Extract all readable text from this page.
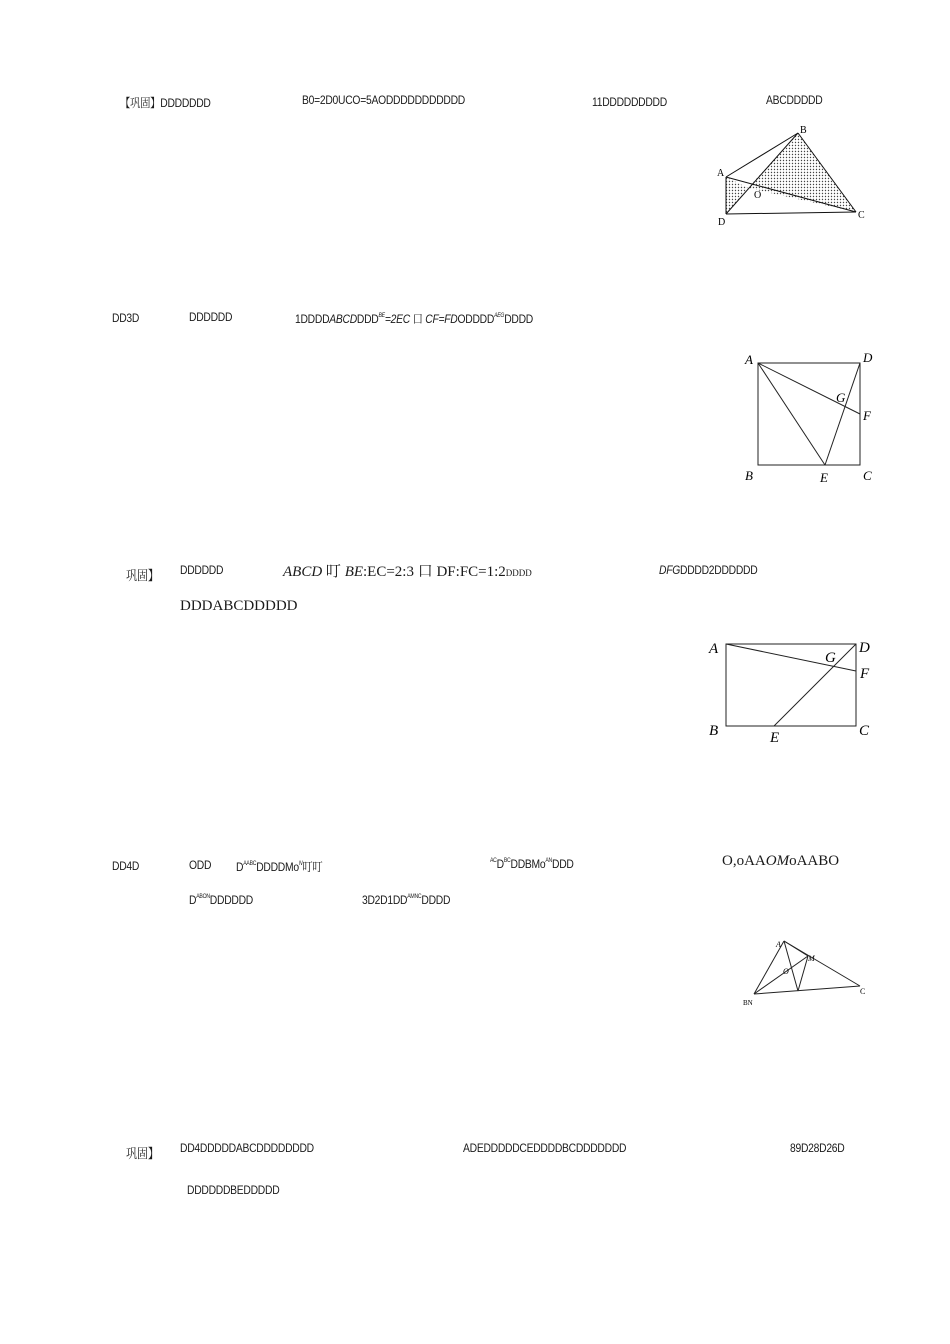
【巩固】DDDDDDD	B0=2D0UCO=5AODDDDDDDDDDD	11DDDDDDDDD	ABCDDDDD
A
B
O
D
C
DD3D	DDDDDD	$1DDDDABCDDDD^{BE}=2EC$ 口 $CF=FDODDDD^{AEG}DDDD$
A	D
G
F
B	E	C
巩固】 DDDDDD	ABCD 叮 BE:EC=2:3 口 DF:FC=1:2DDDD	DFGDDDD2DDDDDD
DDDABCDDDDD
A	D
G
F
B	E	C
DD4D	ODD $D^{AABC}DDDDMo^N$叮叮	$^{AC}D^{BC}DDBMo^{AN}DDD$	O,oAAOMoAABO
$D^{ABON}DDDDDD$	$3D2D1DD^{AMNC}DDDD$
A
M
O
BN
C
巩固】 DD4DDDDDABCDDDDDDDD	ADEDDDDDCEDDDDBCDDDDDDD	89D28D26D
DDDDDDBEDDDDD
